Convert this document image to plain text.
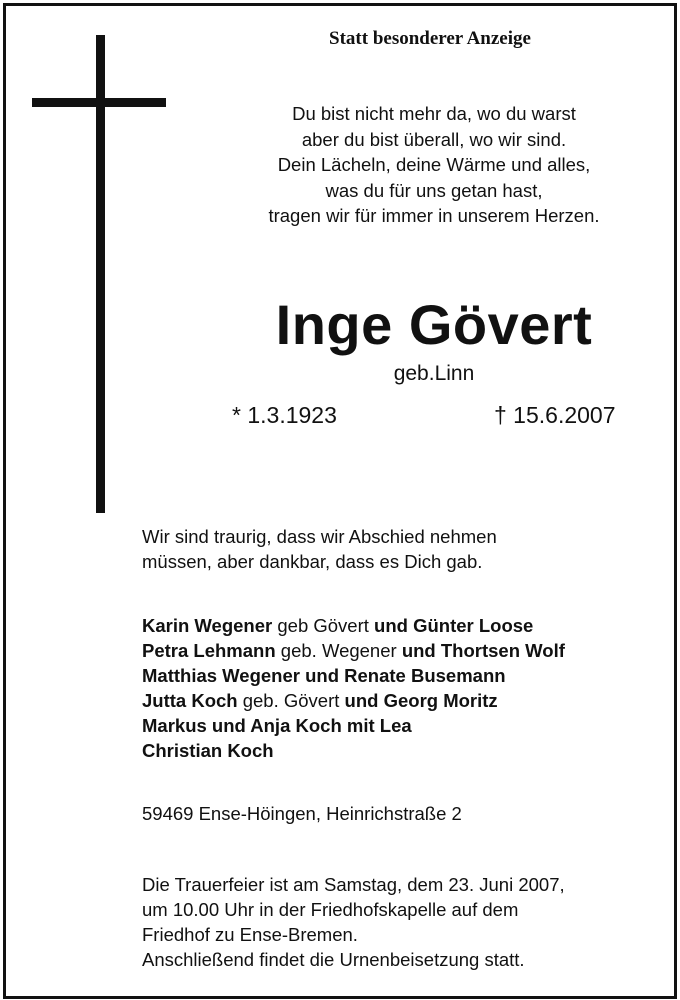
Statt besonderer Anzeige
Du bist nicht mehr da, wo du warst
aber du bist überall, wo wir sind.
Dein Lächeln, deine Wärme und alles,
was du für uns getan hast,
tragen wir für immer in unserem Herzen.
Inge Gövert
geb.Linn
* 1.3.1923	† 15.6.2007
Wir sind traurig, dass wir Abschied nehmen
müssen, aber dankbar, dass es Dich gab.
Karin Wegener geb Gövert und Günter Loose
Petra Lehmann geb. Wegener und Thortsen Wolf
Matthias Wegener und Renate Busemann
Jutta Koch geb. Gövert und Georg Moritz
Markus und Anja Koch mit Lea
Christian Koch
59469 Ense-Höingen, Heinrichstraße 2
Die Trauerfeier ist am Samstag, dem 23. Juni 2007,
um 10.00 Uhr in der Friedhofskapelle auf dem
Friedhof zu Ense-Bremen.
Anschließend findet die Urnenbeisetzung statt.
